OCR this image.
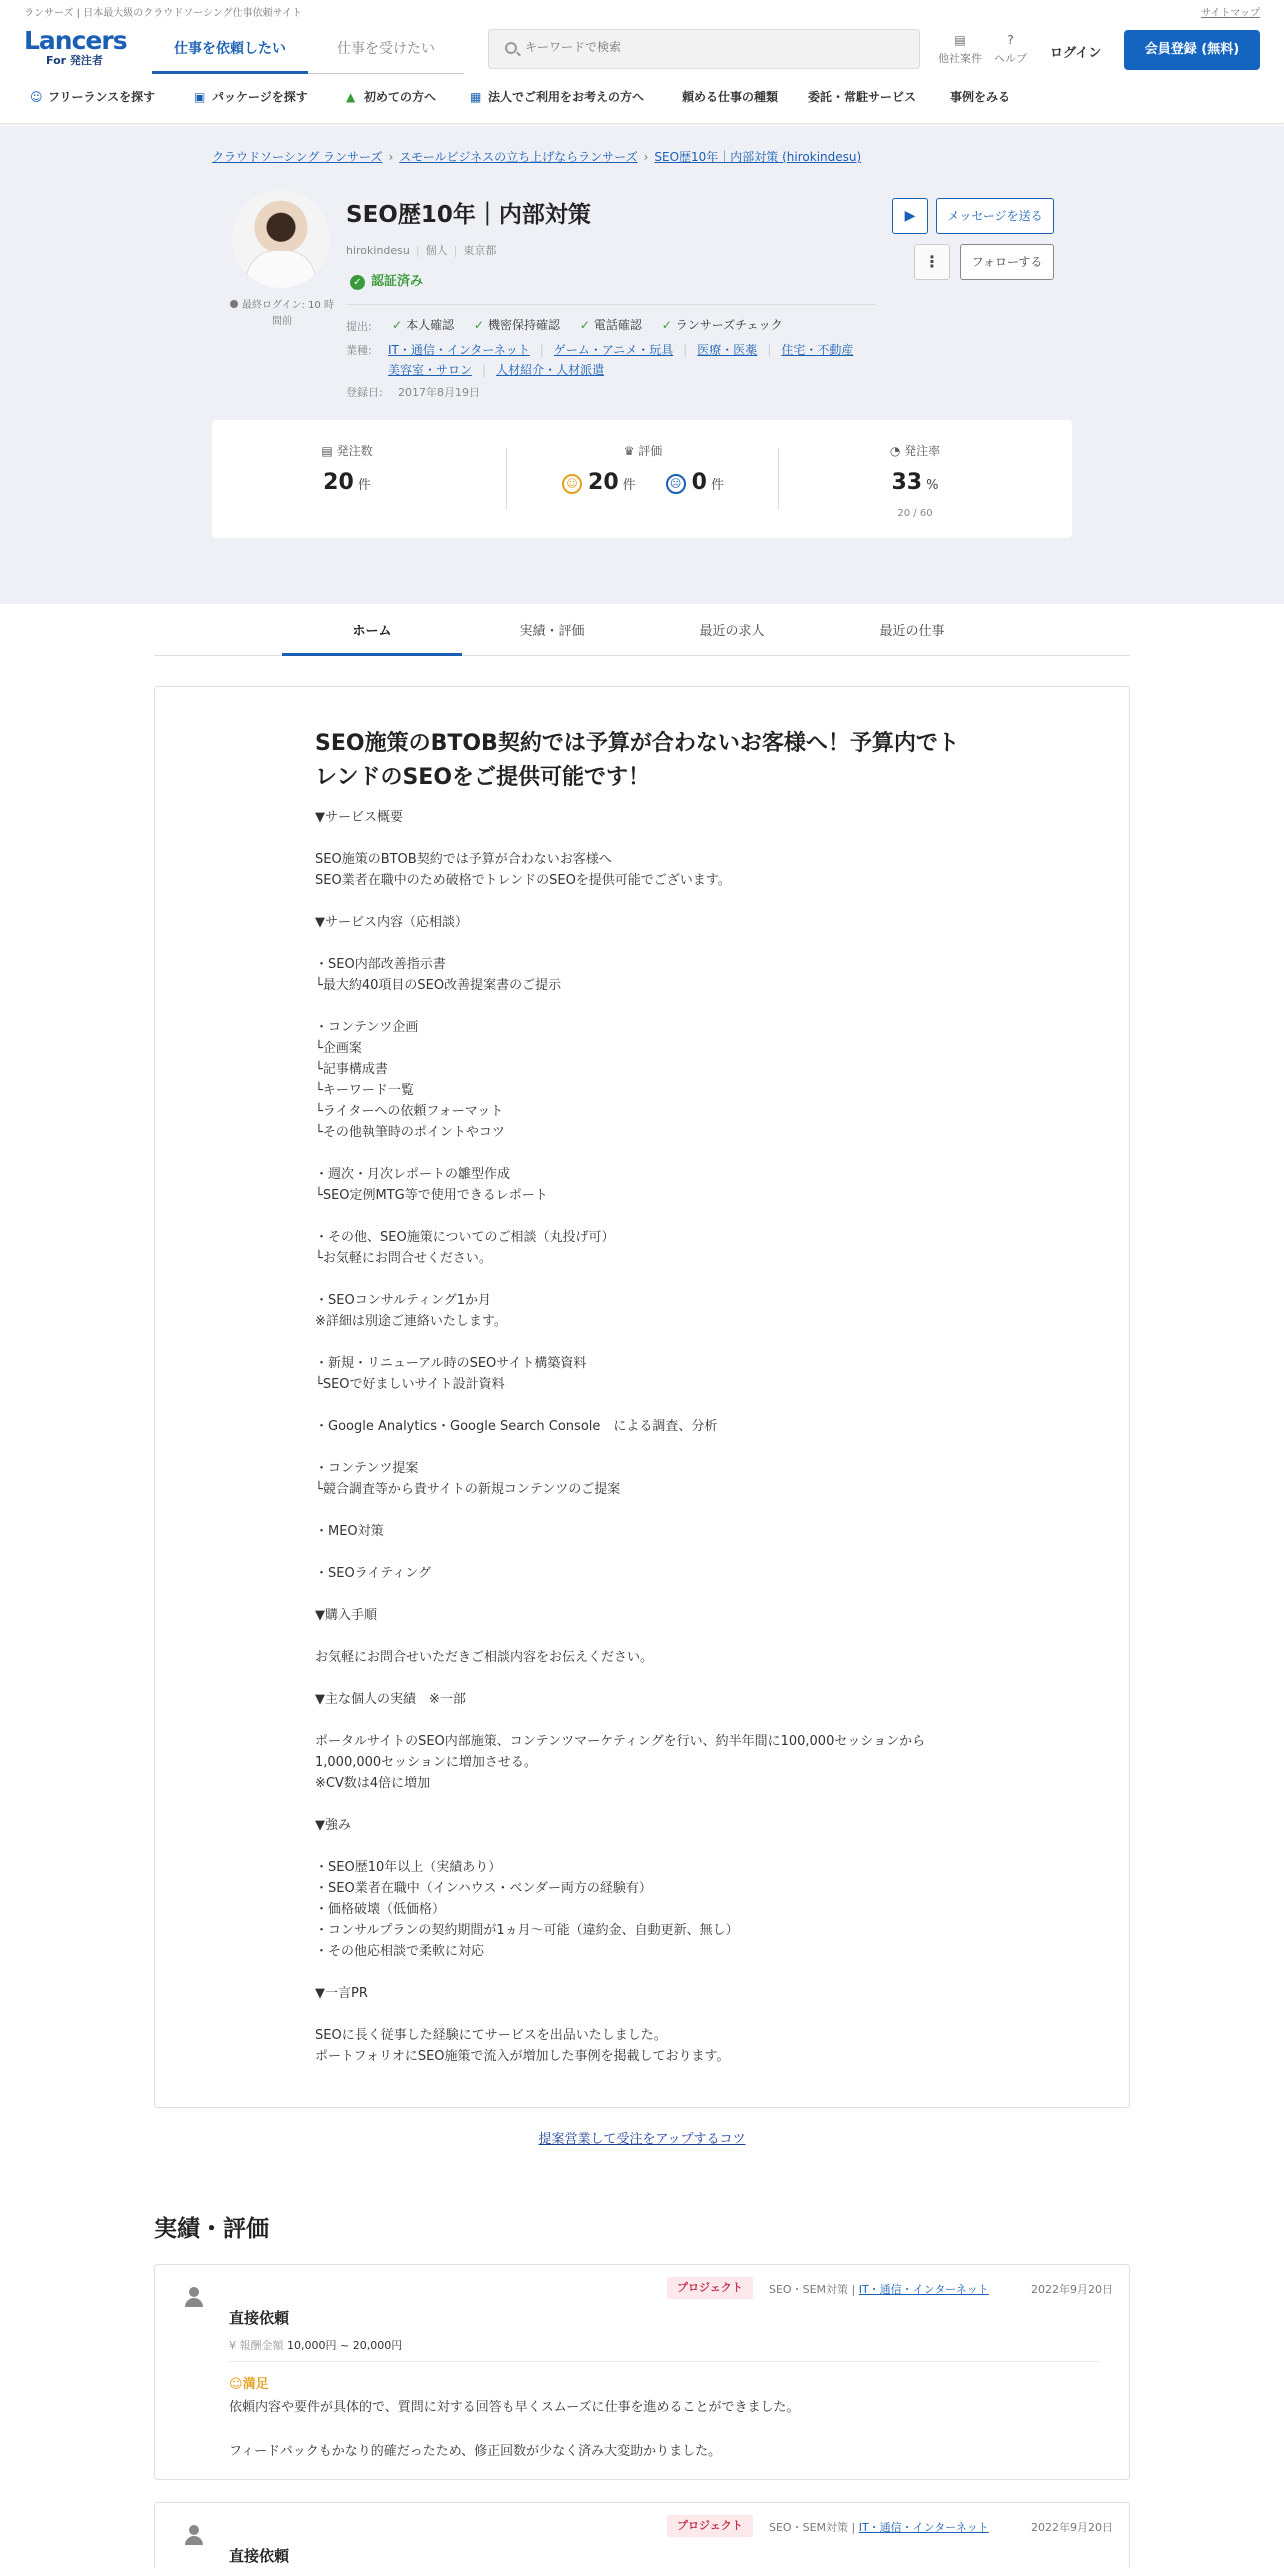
ランサーズ | 日本最大級のクラウドソーシング仕事依頼サイト	サイトマップ
Lancers
For 発注者
仕事を依頼したい	仕事を受けたい
キーワードで検索
▤
他社案件
?
ヘルプ ログイン	会員登録 (無料)
☺ フリーランスを探す	▣ パッケージを探す	▲ 初めての方へ	▦ 法人でご利用をお考えの方へ	頼める仕事の種類 委託・常駐サービス	事例をみる
クラウドソーシング ランサーズ › スモールビジネスの立ち上げならランサーズ › SEO歴10年｜内部対策 (hirokindesu)
最終ログイン: 10 時間前
SEO歴10年｜内部対策
hirokindesu | 個人 | 東京都
✓ 認証済み
提出: ✓ 本人確認 ✓ 機密保持確認 ✓ 電話確認 ✓ ランサーズチェック
業種: IT・通信・インターネット | ゲーム・アニメ・玩具 | 医療・医薬 | 住宅・不動産
美容室・サロン | 人材紹介・人材派遣
登録日: 2017年8月19日
▶	メッセージを送る
⋮	フォローする
▤ 発注数
20 件
♛ 評価
☺ 20 件	☹ 0 件
◔ 発注率
33 %
20 / 60
ホーム	実績・評価	最近の求人	最近の仕事
SEO施策のBTOB契約では予算が合わないお客様へ！予算内でトレンドのSEOをご提供可能です！
▼サービス概要

SEO施策のBTOB契約では予算が合わないお客様へ
SEO業者在職中のため破格でトレンドのSEOを提供可能でございます。

▼サービス内容（応相談）

・SEO内部改善指示書
└最大約40項目のSEO改善提案書のご提示

・コンテンツ企画
└企画案
└記事構成書
└キーワード一覧
└ライターへの依頼フォーマット
└その他執筆時のポイントやコツ

・週次・月次レポートの雛型作成
└SEO定例MTG等で使用できるレポート

・その他、SEO施策についてのご相談（丸投げ可）
└お気軽にお問合せください。

・SEOコンサルティング1か月
※詳細は別途ご連絡いたします。

・新規・リニューアル時のSEOサイト構築資料
└SEOで好ましいサイト設計資料

・Google Analytics・Google Search Console　による調査、分析

・コンテンツ提案
└競合調査等から貴サイトの新規コンテンツのご提案

・MEO対策

・SEOライティング

▼購入手順

お気軽にお問合せいただきご相談内容をお伝えください。

▼主な個人の実績　※一部

ポータルサイトのSEO内部施策、コンテンツマーケティングを行い、約半年間に100,000セッションから1,000,000セッションに増加させる。
※CV数は4倍に増加

▼強み

・SEO歴10年以上（実績あり）
・SEO業者在職中（インハウス・ベンダー両方の経験有）
・価格破壊（低価格）
・コンサルプランの契約期間が1ヵ月～可能（違約金、自動更新、無し）
・その他応相談で柔軟に対応

▼一言PR

SEOに長く従事した経験にてサービスを出品いたしました。
ポートフォリオにSEO施策で流入が増加した事例を掲載しております。
提案営業して受注をアップするコツ
実績・評価
プロジェクト	SEO・SEM対策 | IT・通信・インターネット	2022年9月20日
直接依頼
¥ 報酬金額 10,000円 ~ 20,000円
☺満足
依頼内容や要件が具体的で、質問に対する回答も早くスムーズに仕事を進めることができました。

フィードバックもかなり的確だったため、修正回数が少なく済み大変助かりました。
プロジェクト	SEO・SEM対策 | IT・通信・インターネット	2022年9月20日
直接依頼
